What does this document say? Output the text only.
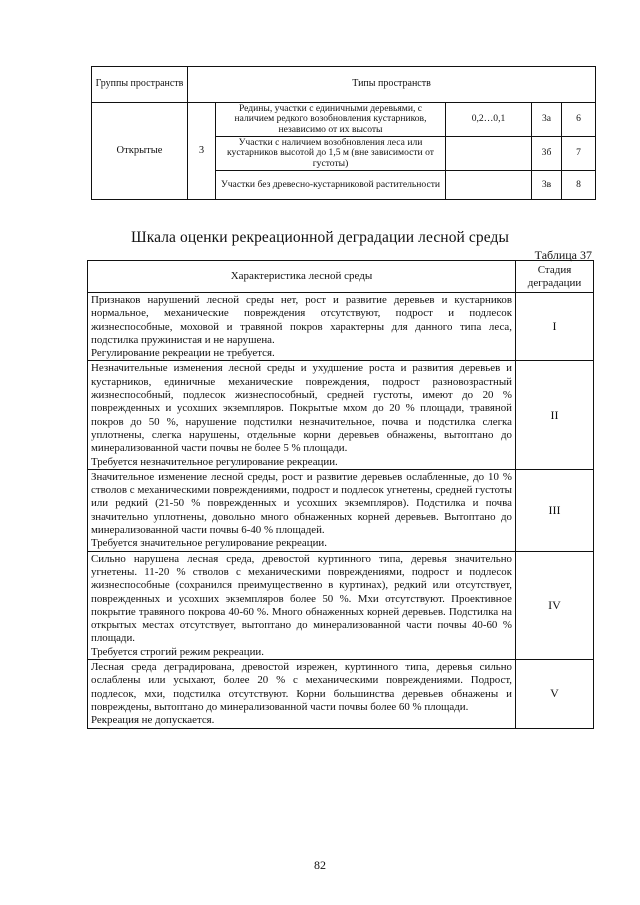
Группы пространств	Типы пространств				
Открытые	3	Редины, участки с единичными деревьями, с наличием редкого возобновления кустарников, независимо от их высоты	0,2…0,1	3а	6
		Участки с наличием возобновления леса или кустарников высотой до 1,5 м (вне зависимости от густоты)		3б	7
		Участки без древесно-кустарниковой растительности		3в	8
Шкала оценки рекреационной деградации лесной среды
Таблица 37
Характеристика лесной среды	Стадия деградации

Признаков нарушений лесной среды нет, рост и развитие деревьев и кустарников нормальное, механические повреждения отсутствуют, подрост и подлесок жизнеспособные, моховой и травяной покров характерны для данного типа леса, подстилка пружинистая и не нарушена.

Регулирование рекреации не требуется.	I

Незначительные изменения лесной среды и ухудшение роста и развития деревьев и кустарников, единичные механические повреждения, подрост разновозрастный жизнеспособный, подлесок жизнеспособный, средней густоты, имеют до 20 % поврежденных и усохших экземпляров. Покрытые мхом до 20 % площади, травяной покров до 50 %, нарушение подстилки незначительное, почва и подстилка слегка уплотнены, слегка нарушены, отдельные корни деревьев обнажены, вытоптано до минерализованной части почвы не более 5 % площади.

Требуется незначительное регулирование рекреации.	II

Значительное изменение лесной среды, рост и развитие деревьев ослабленные, до 10 % стволов с механическими повреждениями, подрост и подлесок угнетены, средней густоты или редкий (21-50 % поврежденных и усохших экземпляров). Подстилка и почва значительно уплотнены, довольно много обнаженных корней деревьев. Вытоптано до минерализованной части почвы 6-40 % площадей.

Требуется значительное регулирование рекреации.	III

Сильно нарушена лесная среда, древостой куртинного типа, деревья значительно угнетены. 11-20 % стволов с механическими повреждениями, подрост и подлесок жизнеспособные (сохранился преимущественно в куртинах), редкий или отсутствует, поврежденных и усохших экземпляров более 50 %. Мхи отсутствуют. Проективное покрытие травяного покрова 40-60 %. Много обнаженных корней деревьев. Подстилка на открытых местах отсутствует, вытоптано до минерализованной части почвы 40-60 % площади.

Требуется строгий режим рекреации.	IV

Лесная среда деградирована, древостой изрежен, куртинного типа, деревья сильно ослаблены или усыхают, более 20 % с механическими повреждениями. Подрост, подлесок, мхи, подстилка отсутствуют. Корни большинства деревьев обнажены и повреждены, вытоптано до минерализованной части почвы более 60 % площади.

Рекреация не допускается.	V
82
